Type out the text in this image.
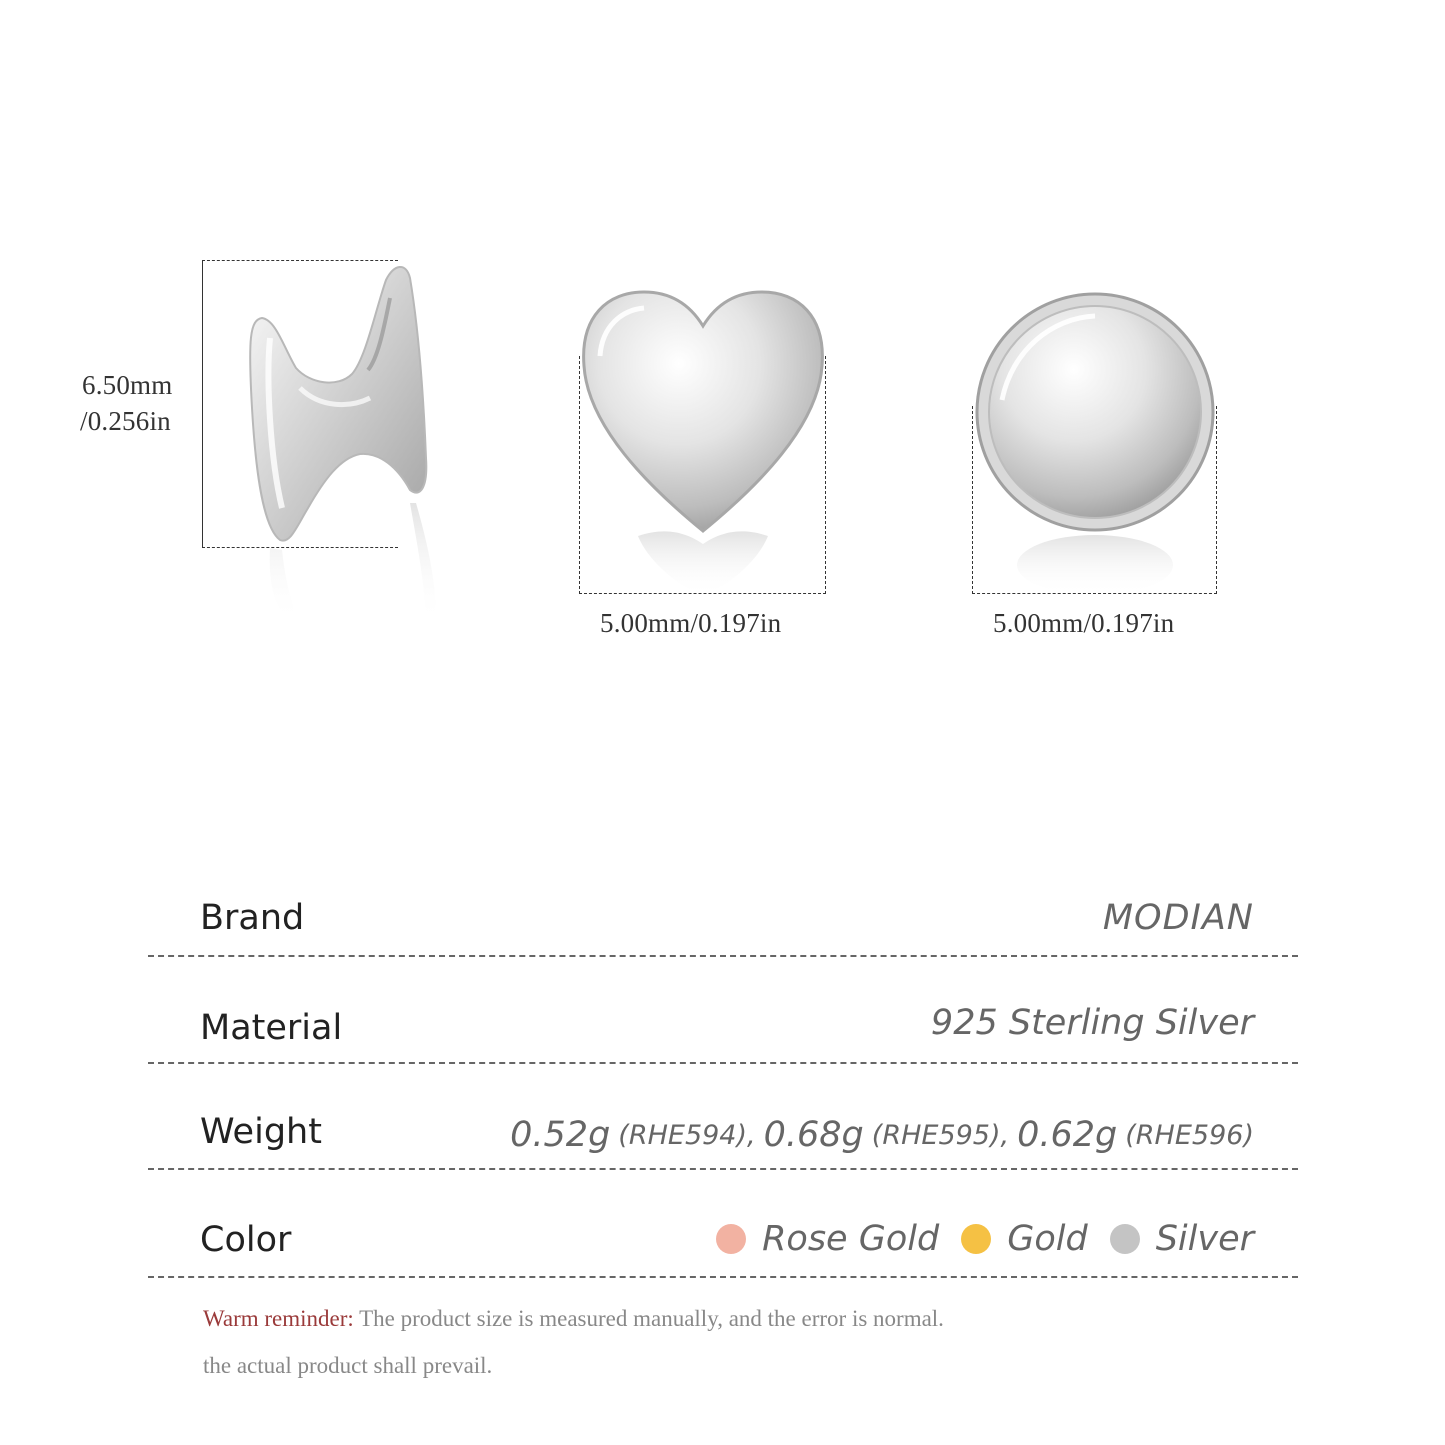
6.50mm
/0.256in
5.00mm/0.197in	5.00mm/0.197in
Brand	MODIAN
Material	925 Sterling Silver
Weight	0.52g (RHE594) , 0.68g (RHE595) , 0.62g (RHE596)
Color	Rose Gold Gold Silver
Warm reminder: The product size is measured manually, and the error is normal.
the actual product shall prevail.
